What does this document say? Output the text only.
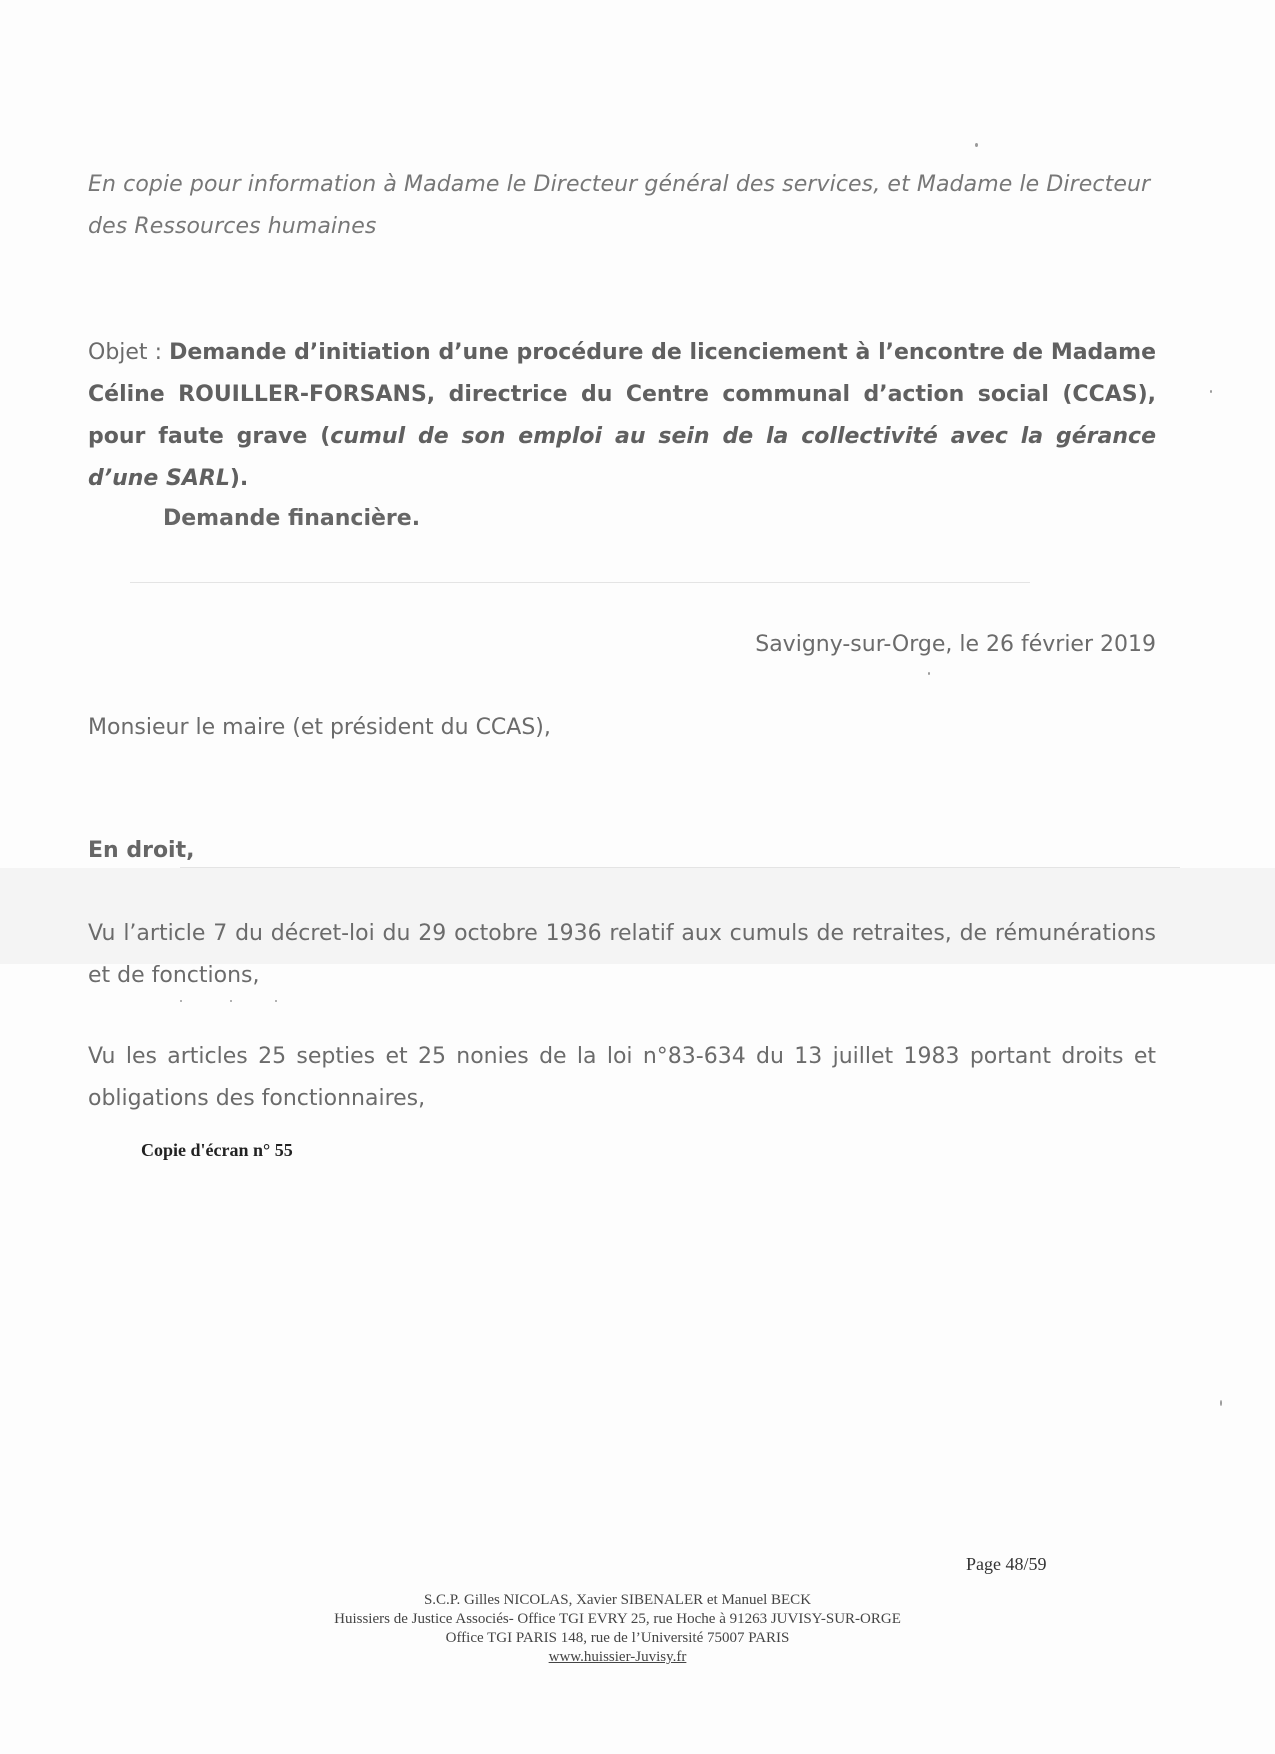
En copie pour information à Madame le Directeur général des services, et Madame le Directeur des Ressources humaines
Objet : Demande d’initiation d’une procédure de licenciement à l’encontre de Madame Céline ROUILLER-FORSANS, directrice du Centre communal d’action social (CCAS), pour faute grave (cumul de son emploi au sein de la collectivité avec la gérance d’une SARL).
Demande financière.
Savigny-sur-Orge, le 26 février 2019
Monsieur le maire (et président du CCAS),
En droit,
Vu l’article 7 du décret-loi du 29 octobre 1936 relatif aux cumuls de retraites, de rémunérations et de fonctions,
Vu les articles 25 septies et 25 nonies de la loi n°83-634 du 13 juillet 1983 portant droits et obligations des fonctionnaires,
Copie d'écran n° 55
Page 48/59
S.C.P. Gilles NICOLAS, Xavier SIBENALER et Manuel BECK
Huissiers de Justice Associés- Office TGI EVRY 25, rue Hoche à 91263 JUVISY-SUR-ORGE
Office TGI PARIS 148, rue de l’Université 75007 PARIS
www.huissier-Juvisy.fr
